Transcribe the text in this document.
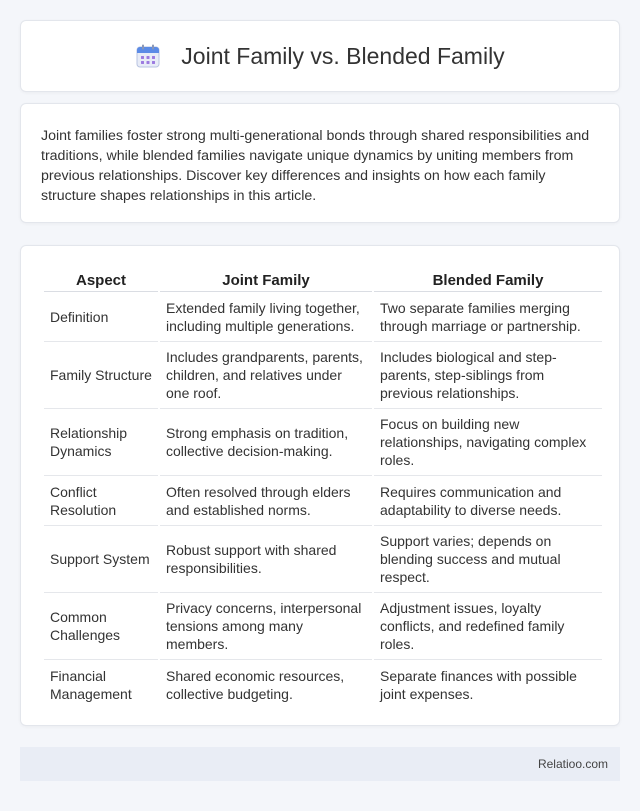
Joint Family vs. Blended Family

Joint families foster strong multi-generational bonds through shared responsibilities and traditions, while blended families navigate unique dynamics by uniting members from previous relationships. Discover key differences and insights on how each family structure shapes relationships in this article.

Aspect	Joint Family	Blended Family
Definition	Extended family living together, including multiple generations.	Two separate families merging through marriage or partnership.
Family Structure	Includes grandparents, parents, children, and relatives under one roof.	Includes biological and step-parents, step-siblings from previous relationships.
Relationship Dynamics	Strong emphasis on tradition, collective decision-making.	Focus on building new relationships, navigating complex roles.
Conflict Resolution	Often resolved through elders and established norms.	Requires communication and adaptability to diverse needs.
Support System	Robust support with shared responsibilities.	Support varies; depends on blending success and mutual respect.
Common Challenges	Privacy concerns, interpersonal tensions among many members.	Adjustment issues, loyalty conflicts, and redefined family roles.
Financial Management	Shared economic resources, collective budgeting.	Separate finances with possible joint expenses.
Relatioo.com
